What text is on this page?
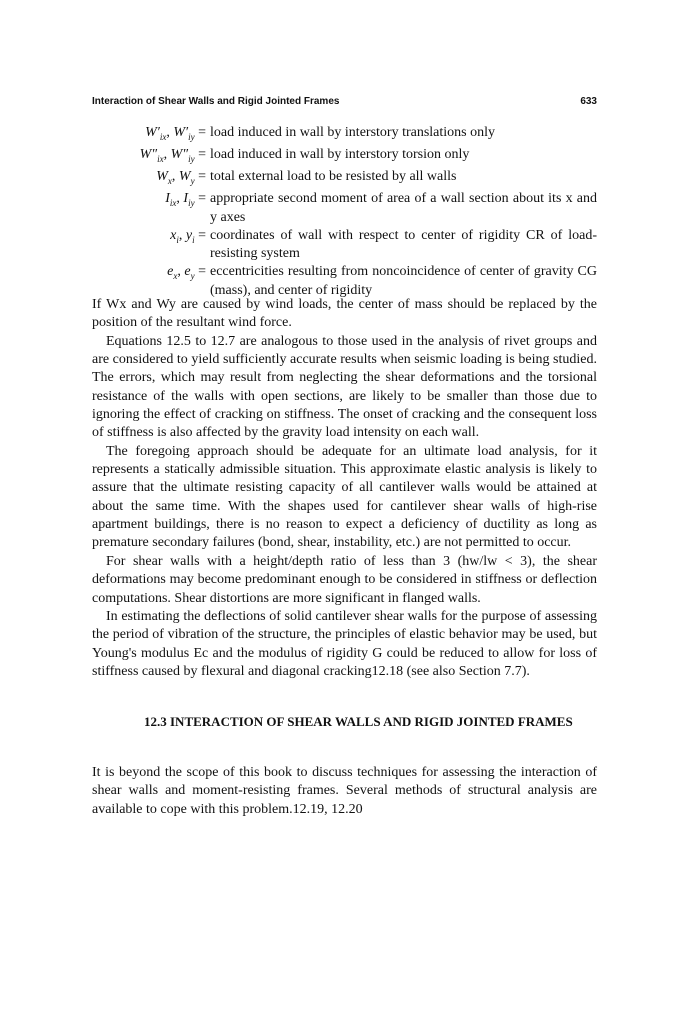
Interaction of Shear Walls and Rigid Jointed Frames	633
$W'_{ix}$, $W'_{iy}$ = load induced in wall by interstory translations only
$W''_{ix}$, $W''_{iy}$ = load induced in wall by interstory torsion only
$W_x$, $W_y$ = total external load to be resisted by all walls
$I_{ix}$, $I_{iy}$ = appropriate second moment of area of a wall section about its x and y axes
$x_i$, $y_i$ = coordinates of wall with respect to center of rigidity CR of load-resisting system
$e_x$, $e_y$ = eccentricities resulting from noncoincidence of center of gravity CG (mass), and center of rigidity

If Wx and Wy are caused by wind loads, the center of mass should be replaced by the position of the resultant wind force.

Equations 12.5 to 12.7 are analogous to those used in the analysis of rivet groups and are considered to yield sufficiently accurate results when seismic loading is being studied. The errors, which may result from neglecting the shear deformations and the torsional resistance of the walls with open sections, are likely to be smaller than those due to ignoring the effect of cracking on stiffness. The onset of cracking and the consequent loss of stiffness is also affected by the gravity load intensity on each wall.

The foregoing approach should be adequate for an ultimate load analysis, for it represents a statically admissible situation. This approximate elastic analysis is likely to assure that the ultimate resisting capacity of all cantilever walls would be attained at about the same time. With the shapes used for cantilever shear walls of high-rise apartment buildings, there is no reason to expect a deficiency of ductility as long as premature secondary failures (bond, shear, instability, etc.) are not permitted to occur.

For shear walls with a height/depth ratio of less than 3 (hw/lw < 3), the shear deformations may become predominant enough to be considered in stiffness or deflection computations. Shear distortions are more significant in flanged walls.

In estimating the deflections of solid cantilever shear walls for the purpose of assessing the period of vibration of the structure, the principles of elastic behavior may be used, but Young's modulus Ec and the modulus of rigidity G could be reduced to allow for loss of stiffness caused by flexural and diagonal cracking12.18 (see also Section 7.7).

12.3 INTERACTION OF SHEAR WALLS AND RIGID JOINTED FRAMES

It is beyond the scope of this book to discuss techniques for assessing the interaction of shear walls and moment-resisting frames. Several methods of structural analysis are available to cope with this problem.12.19, 12.20
